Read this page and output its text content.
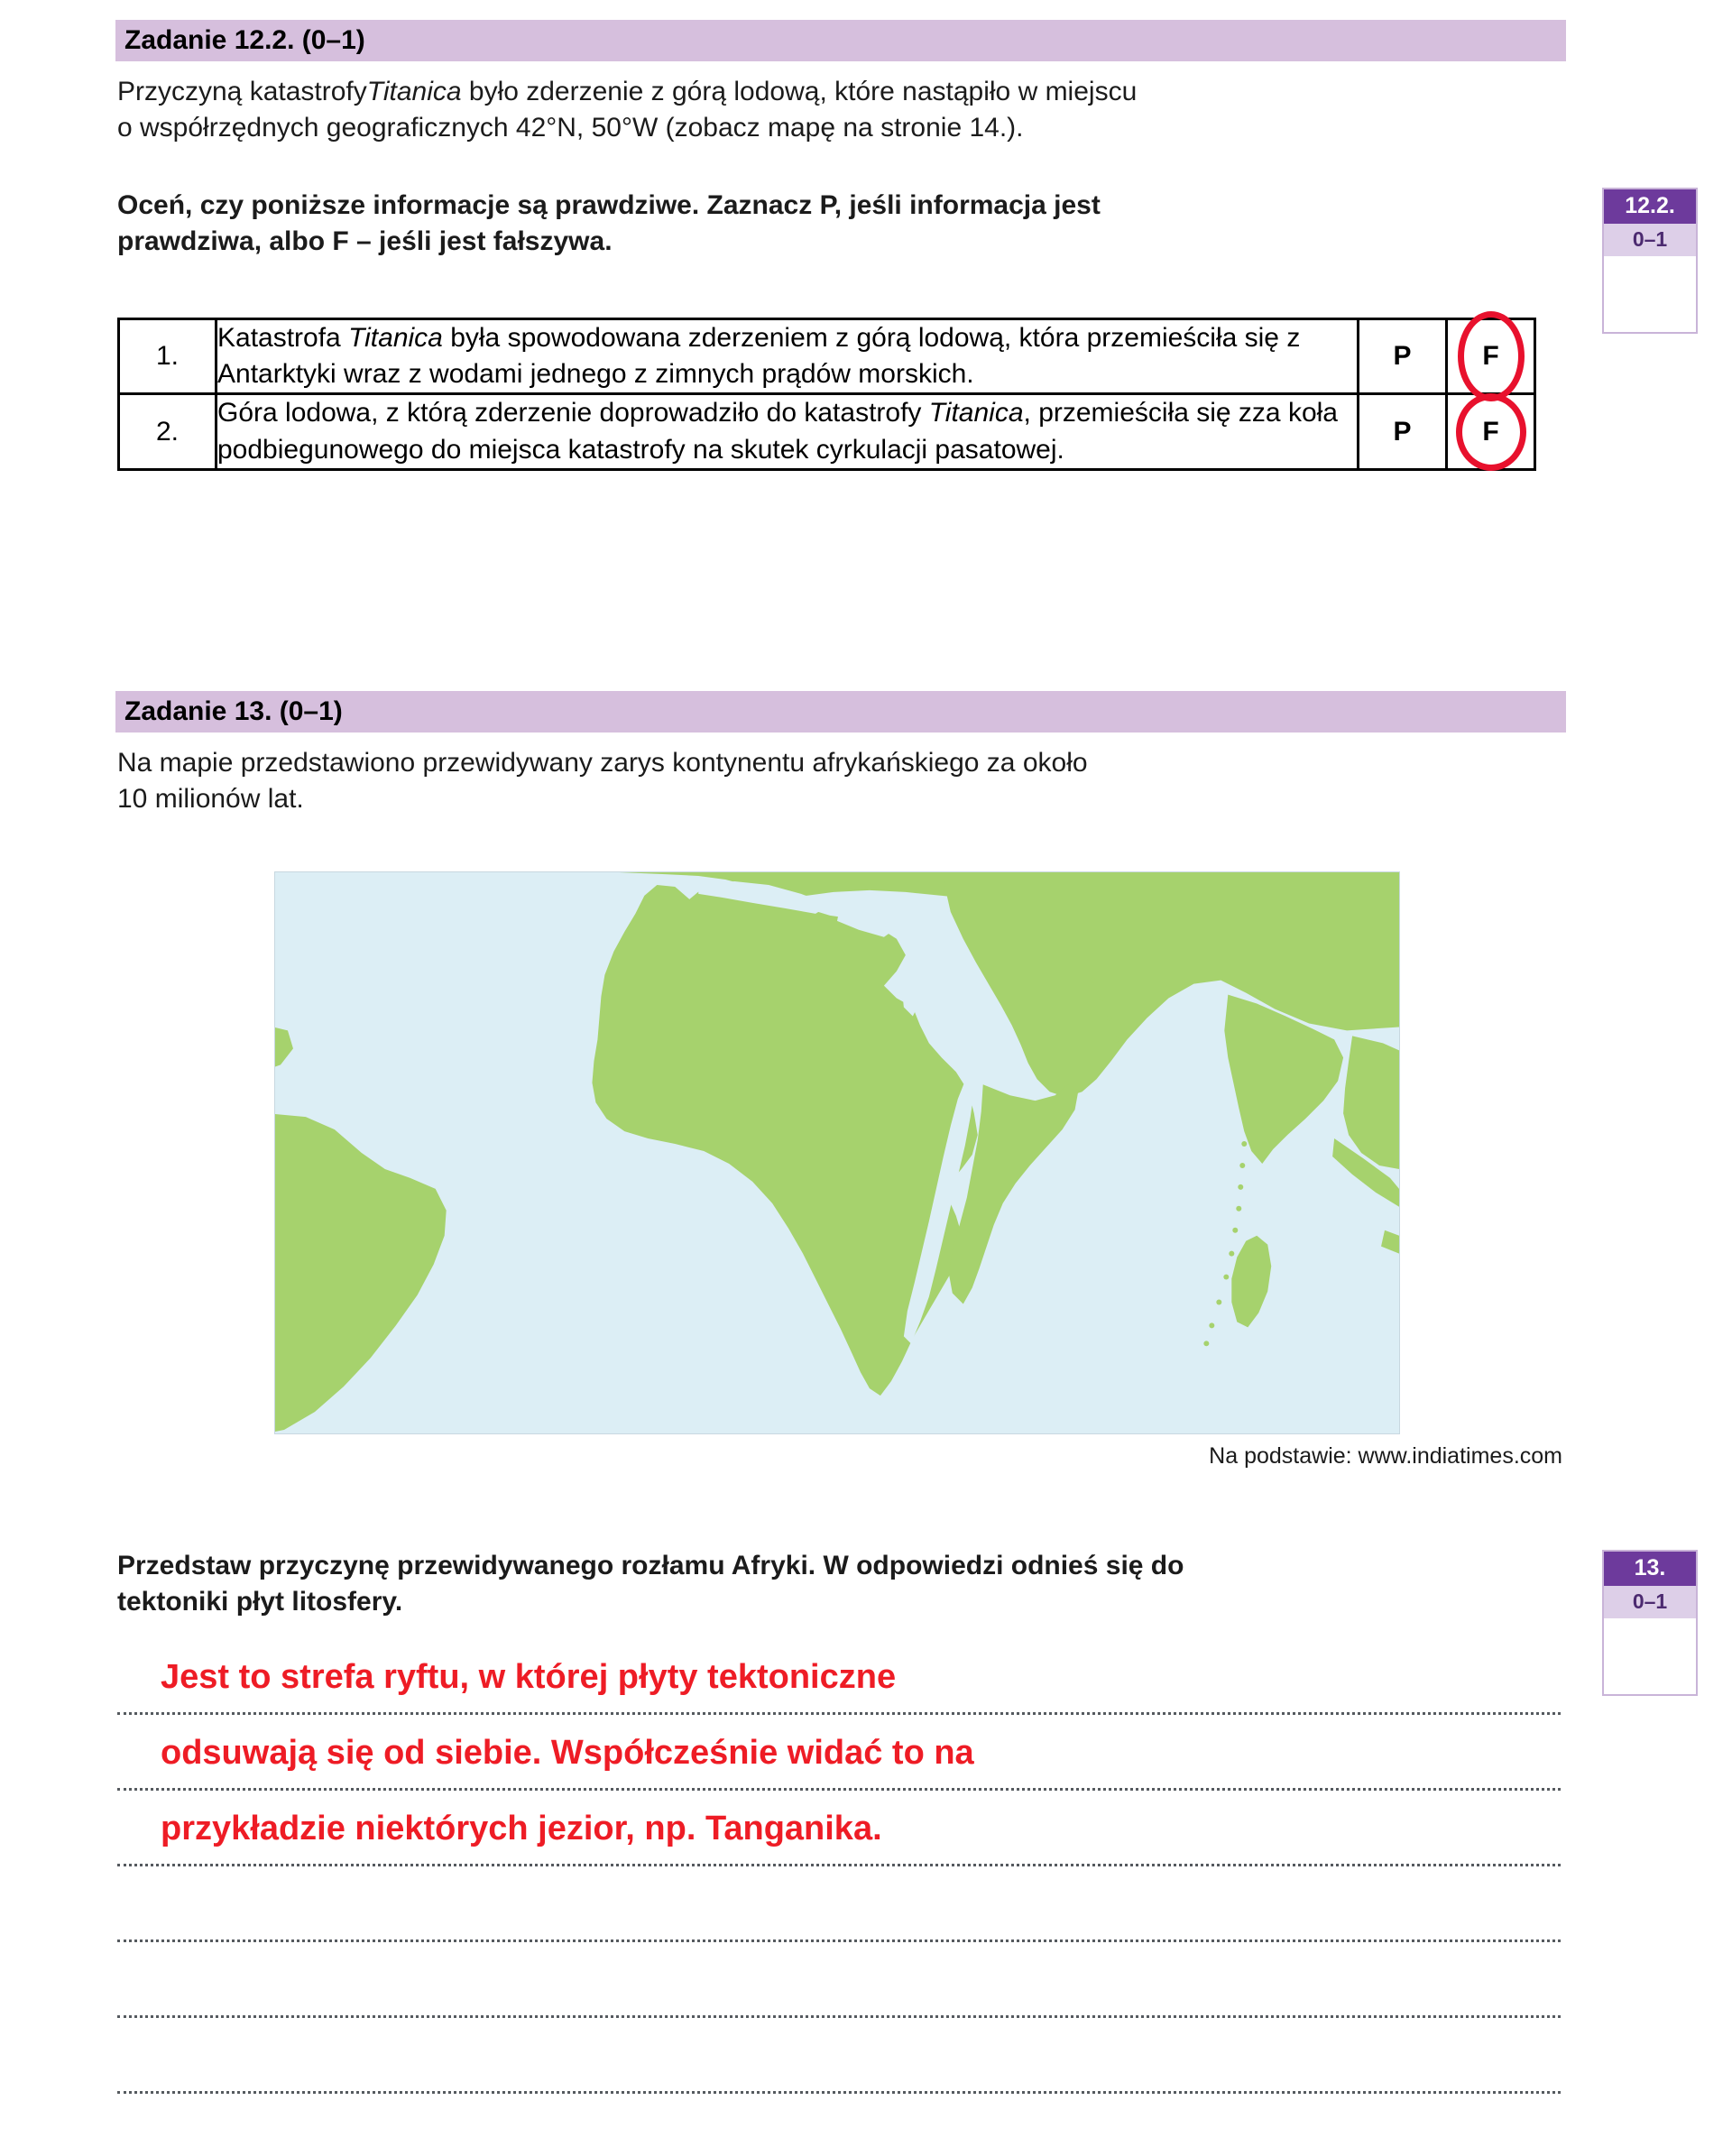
Zadanie 12.2. (0–1)
Przyczyną katastrofyTitanica było zderzenie z górą lodową, które nastąpiło w miejscu
o współrzędnych geograficznych 42°N, 50°W (zobacz mapę na stronie 14.).
Oceń, czy poniższe informacje są prawdziwe. Zaznacz P, jeśli informacja jest
prawdziwa, albo F – jeśli jest fałszywa.
12.2.
0–1
1.	Katastrofa Titanica była spowodowana zderzeniem z górą lodową, która przemieściła się z Antarktyki wraz z wodami jednego z zimnych prądów morskich.	P	F
2.	Góra lodowa, z którą zderzenie doprowadziło do katastrofy Titanica, przemieściła się zza koła podbiegunowego do miejsca katastrofy na skutek cyrkulacji pasatowej.	P	F
Zadanie 13. (0–1)
Na mapie przedstawiono przewidywany zarys kontynentu afrykańskiego za około
10 milionów lat.
Na podstawie: www.indiatimes.com
Przedstaw przyczynę przewidywanego rozłamu Afryki. W odpowiedzi odnieś się do
tektoniki płyt litosfery.
13.
0–1
Jest to strefa ryftu, w której płyty tektoniczne
odsuwają się od siebie. Współcześnie widać to na
przykładzie niektórych jezior, np. Tanganika.
